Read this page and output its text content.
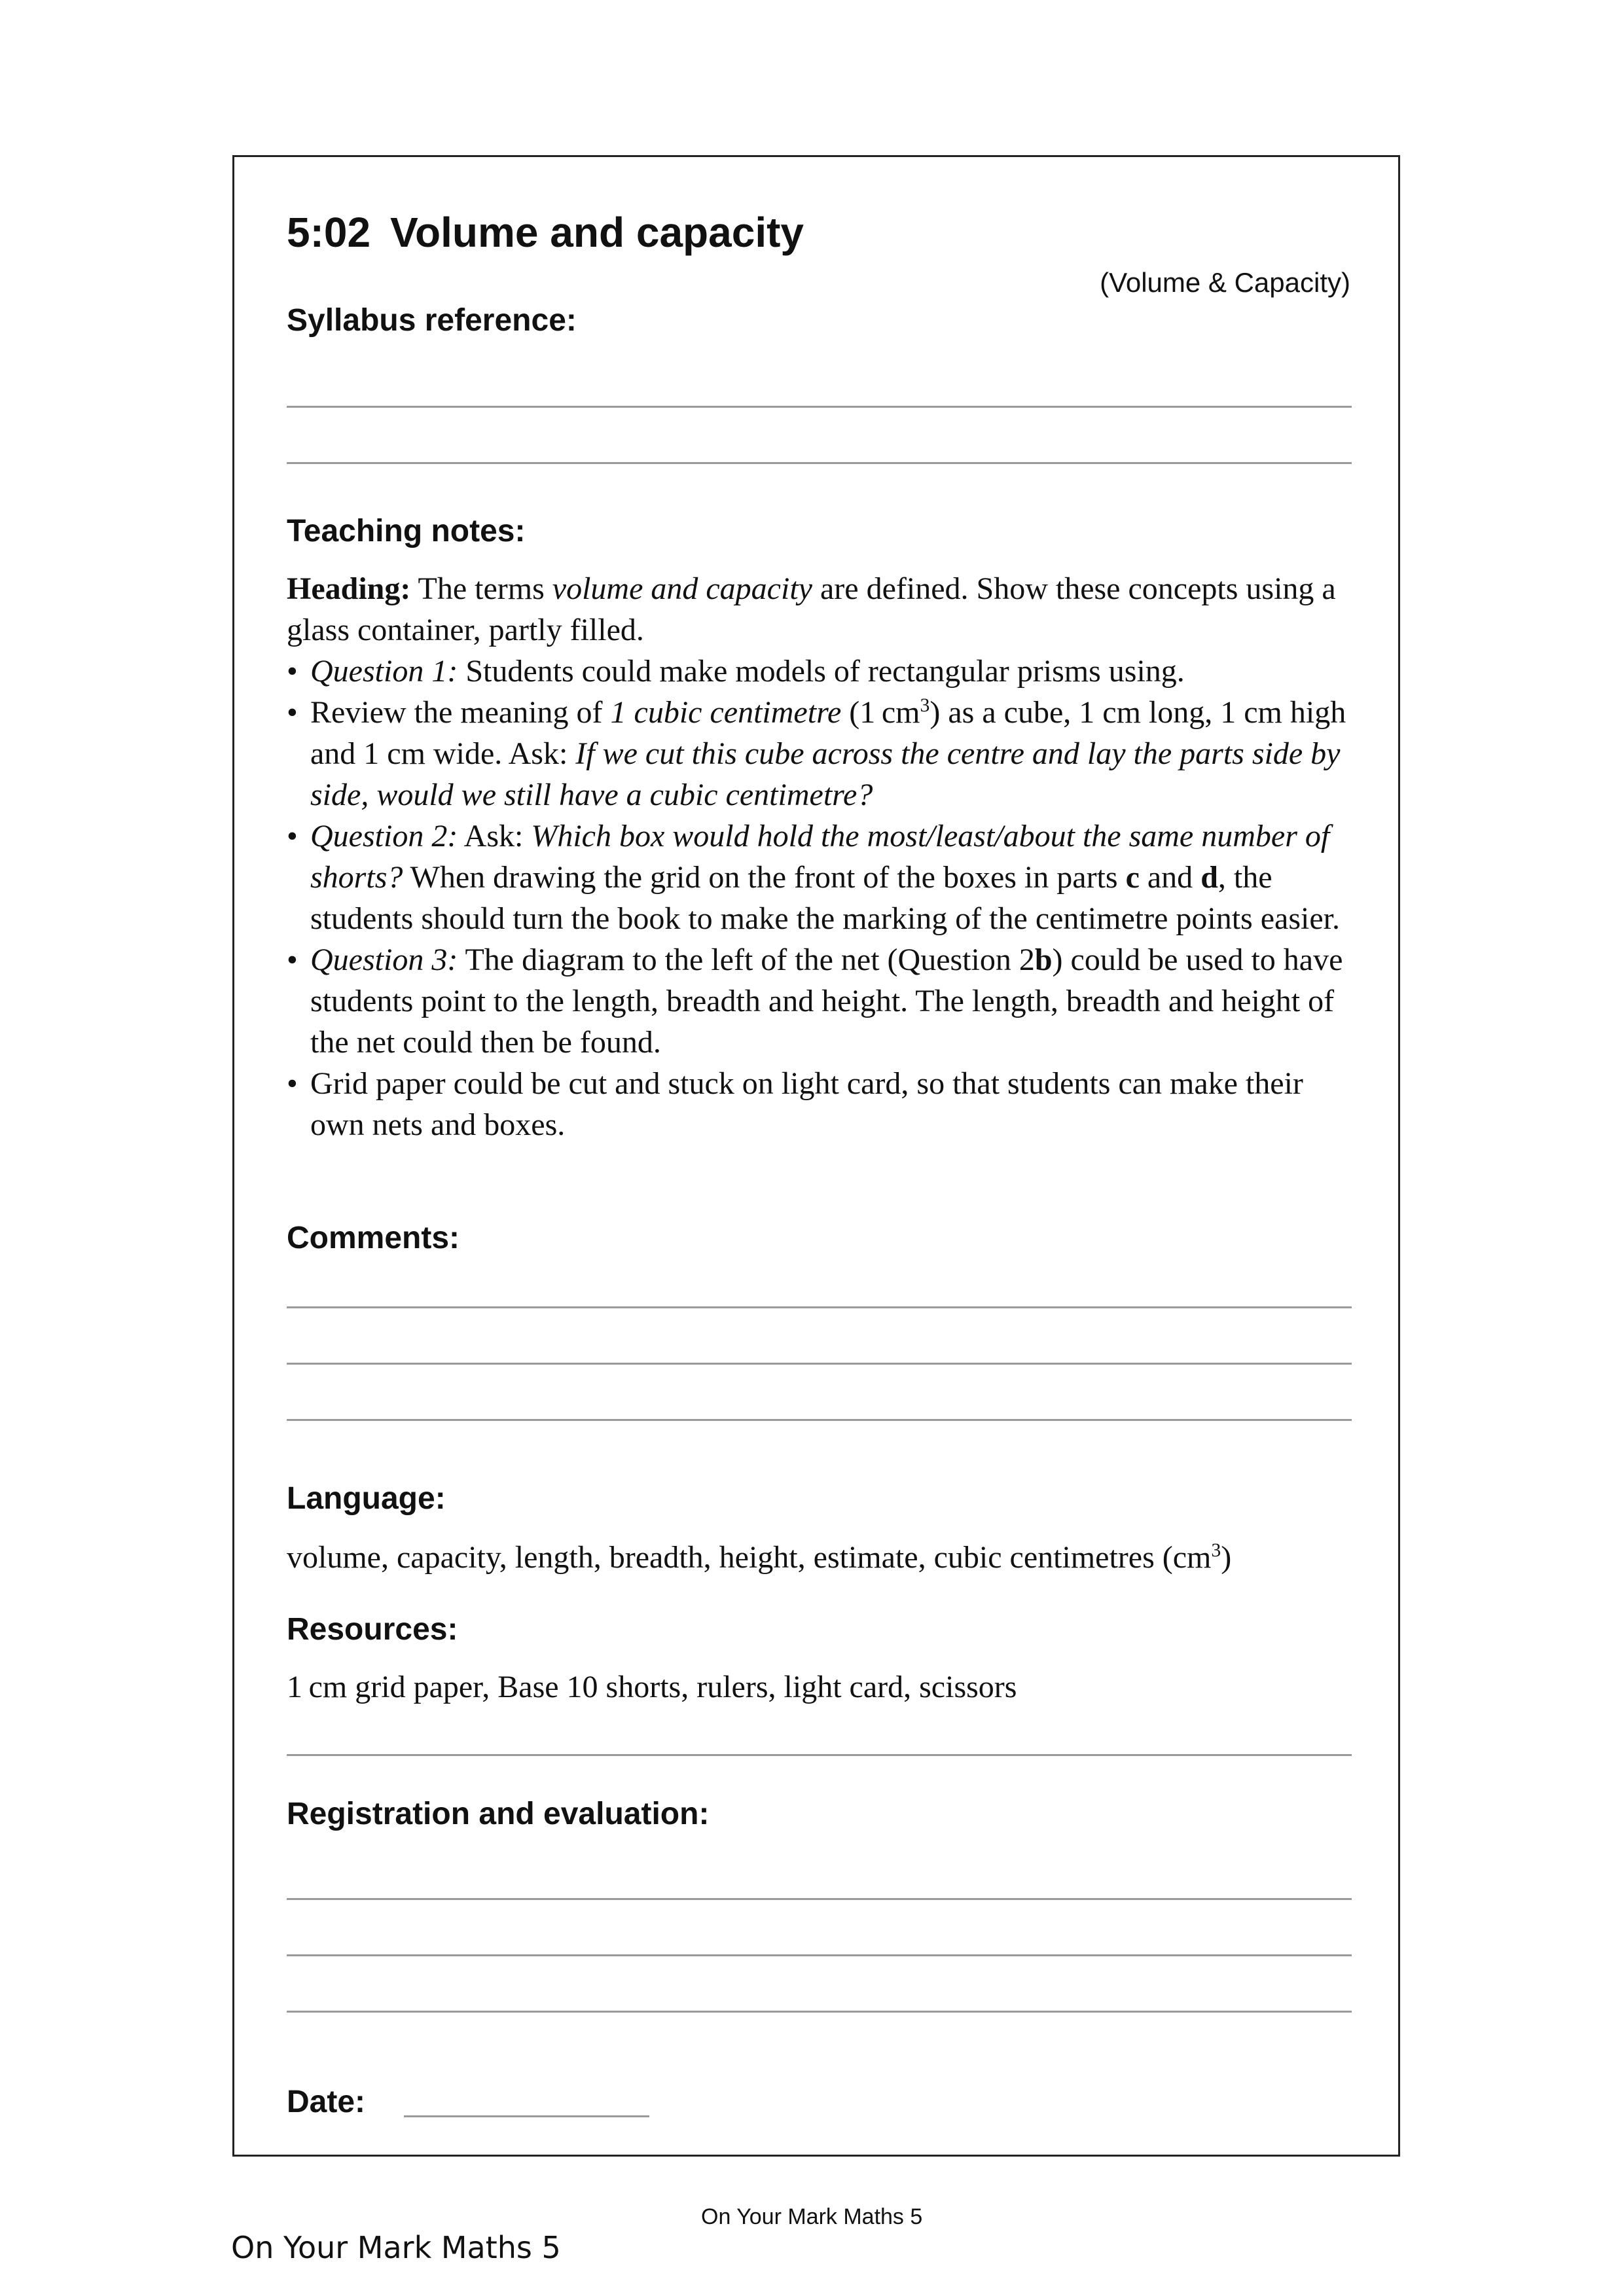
5:02 Volume and capacity
(Volume & Capacity)
Syllabus reference:
Teaching notes:

Heading: The terms volume and capacity are defined. Show these concepts using a glass container, partly filled.

• Question 1: Students could make models of rectangular prisms using.
• Review the meaning of 1 cubic centimetre (1 $cm^3$) as a cube, 1 cm long, 1 cm high and 1 cm wide. Ask: If we cut this cube across the centre and lay the parts side by side, would we still have a cubic centimetre?
• Question 2: Ask: Which box would hold the most/least/about the same number of shorts? When drawing the grid on the front of the boxes in parts c and d, the students should turn the book to make the marking of the centimetre points easier.
• Question 3: The diagram to the left of the net (Question 2b) could be used to have students point to the length, breadth and height. The length, breadth and height of the net could then be found.
• Grid paper could be cut and stuck on light card, so that students can make their own nets and boxes.
Comments:
Language:
volume, capacity, length, breadth, height, estimate, cubic centimetres $(cm^3)$
Resources:
1 cm grid paper, Base 10 shorts, rulers, light card, scissors
Registration and evaluation:
Date:
On Your Mark Maths 5
On Your Mark Maths 5
